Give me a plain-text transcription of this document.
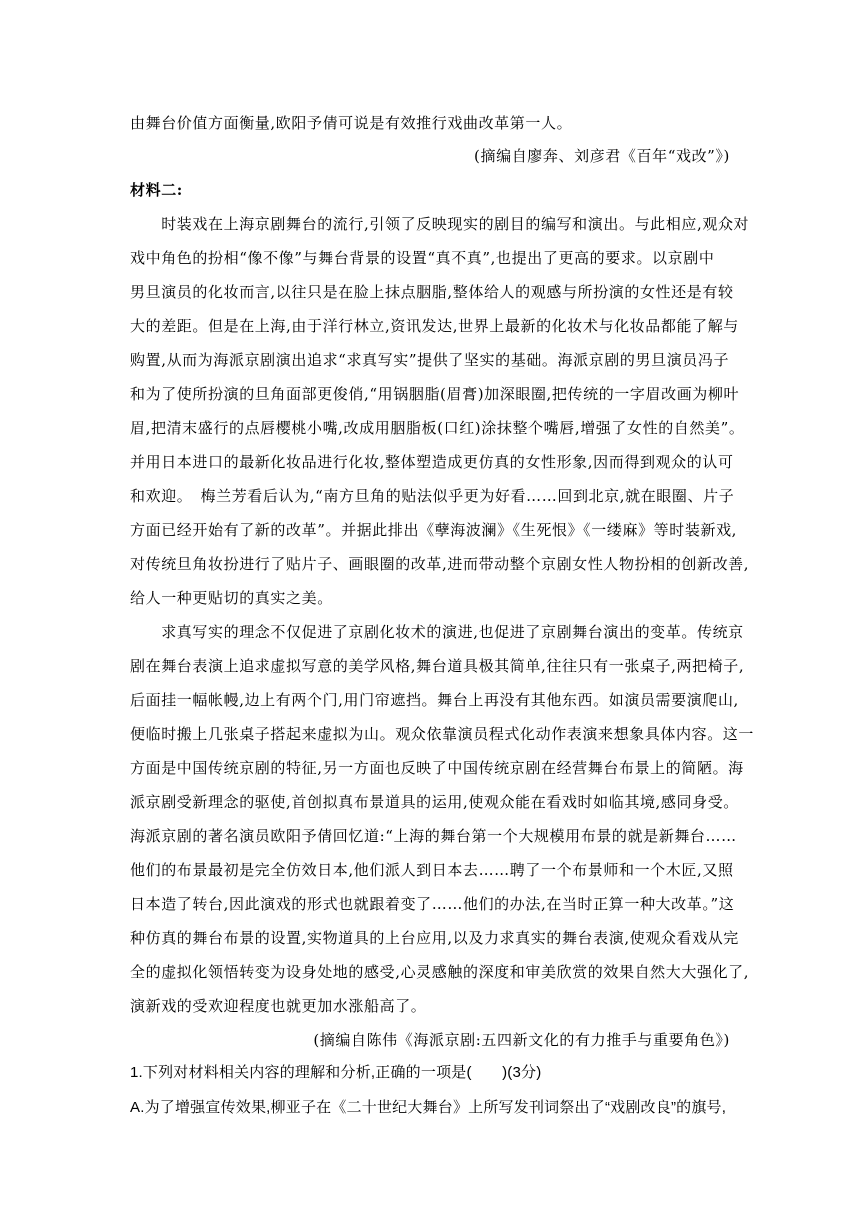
由舞台价值方面衡量,欧阳予倩可说是有效推行戏曲改革第一人。
(摘编自廖奔、刘彦君《百年“戏改”》)
材料二:
　　时装戏在上海京剧舞台的流行,引领了反映现实的剧目的编写和演出。与此相应,观众对
戏中角色的扮相“像不像”与舞台背景的设置“真不真”,也提出了更高的要求。以京剧中
男旦演员的化妆而言,以往只是在脸上抹点胭脂,整体给人的观感与所扮演的女性还是有较
大的差距。但是在上海,由于洋行林立,资讯发达,世界上最新的化妆术与化妆品都能了解与
购置,从而为海派京剧演出追求“求真写实”提供了坚实的基础。海派京剧的男旦演员冯子
和为了使所扮演的旦角面部更俊俏,“用锅胭脂(眉膏)加深眼圈,把传统的一字眉改画为柳叶
眉,把清末盛行的点唇樱桃小嘴,改成用胭脂板(口红)涂抹整个嘴唇,增强了女性的自然美”。
并用日本进口的最新化妆品进行化妆,整体塑造成更仿真的女性形象,因而得到观众的认可
和欢迎。　梅兰芳看后认为,“南方旦角的贴法似乎更为好看……回到北京,就在眼圈、片子
方面已经开始有了新的改革”。并据此排出《孽海波澜》《生死恨》《一缕麻》等时装新戏,
对传统旦角妆扮进行了贴片子、画眼圈的改革,进而带动整个京剧女性人物扮相的创新改善,
给人一种更贴切的真实之美。
　　求真写实的理念不仅促进了京剧化妆术的演进,也促进了京剧舞台演出的变革。传统京
剧在舞台表演上追求虚拟写意的美学风格,舞台道具极其简单,往往只有一张桌子,两把椅子,
后面挂一幅帐幔,边上有两个门,用门帘遮挡。舞台上再没有其他东西。如演员需要演爬山,
便临时搬上几张桌子搭起来虚拟为山。观众依靠演员程式化动作表演来想象具体内容。这一
方面是中国传统京剧的特征,另一方面也反映了中国传统京剧在经营舞台布景上的简陋。海
派京剧受新理念的驱使,首创拟真布景道具的运用,使观众能在看戏时如临其境,感同身受。
海派京剧的著名演员欧阳予倩回忆道:“上海的舞台第一个大规模用布景的就是新舞台……
他们的布景最初是完全仿效日本,他们派人到日本去……聘了一个布景师和一个木匠,又照
日本造了转台,因此演戏的形式也就跟着变了……他们的办法,在当时正算一种大改革。”这
种仿真的舞台布景的设置,实物道具的上台应用,以及力求真实的舞台表演,使观众看戏从完
全的虚拟化领悟转变为设身处地的感受,心灵感触的深度和审美欣赏的效果自然大大强化了,
演新戏的受欢迎程度也就更加水涨船高了。
(摘编自陈伟《海派京剧:五四新文化的有力推手与重要角色》)
1.下列对材料相关内容的理解和分析,正确的一项是(　　)(3分)
A.为了增强宣传效果,柳亚子在《二十世纪大舞台》上所写发刊词祭出了“戏剧改良”的旗号,
